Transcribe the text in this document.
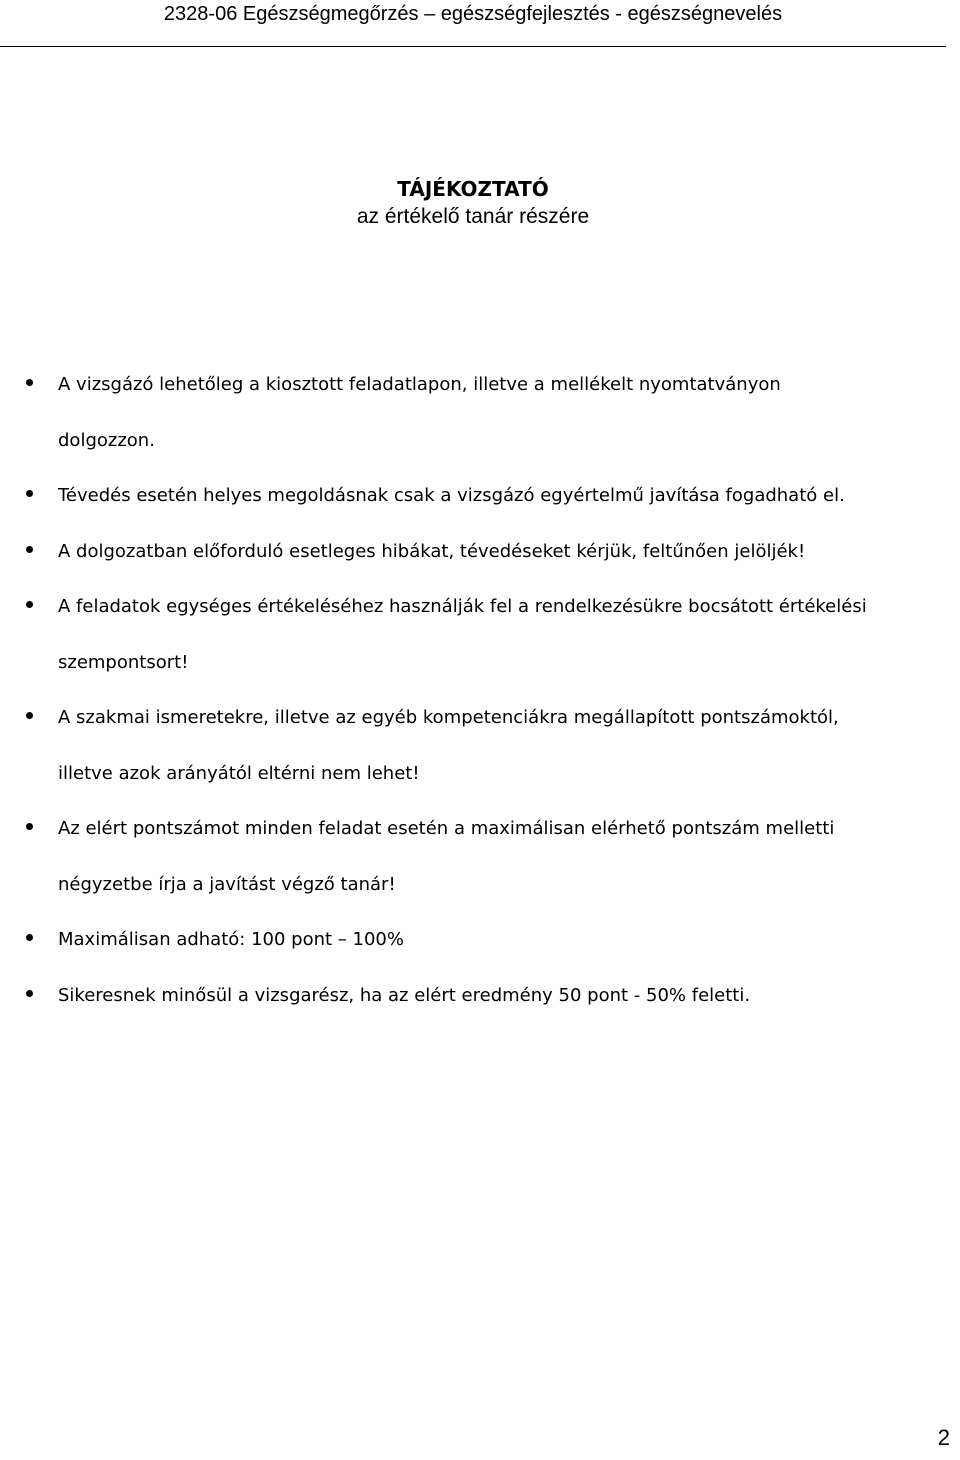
2328-06 Egészségmegőrzés – egészségfejlesztés - egészségnevelés
TÁJÉKOZTATÓ
az értékelő tanár részére
A vizsgázó lehetőleg a kiosztott feladatlapon, illetve a mellékelt nyomtatványon
dolgozzon.
Tévedés esetén helyes megoldásnak csak a vizsgázó egyértelmű javítása fogadható el.
A dolgozatban előforduló esetleges hibákat, tévedéseket kérjük, feltűnően jelöljék!
A feladatok egységes értékeléséhez használják fel a rendelkezésükre bocsátott értékelési
szempontsort!
A szakmai ismeretekre, illetve az egyéb kompetenciákra megállapított pontszámoktól,
illetve azok arányától eltérni nem lehet!
Az elért pontszámot minden feladat esetén a maximálisan elérhető pontszám melletti
négyzetbe írja a javítást végző tanár!
Maximálisan adható: 100 pont – 100%
Sikeresnek minősül a vizsgarész, ha az elért eredmény 50 pont - 50% feletti.
2
